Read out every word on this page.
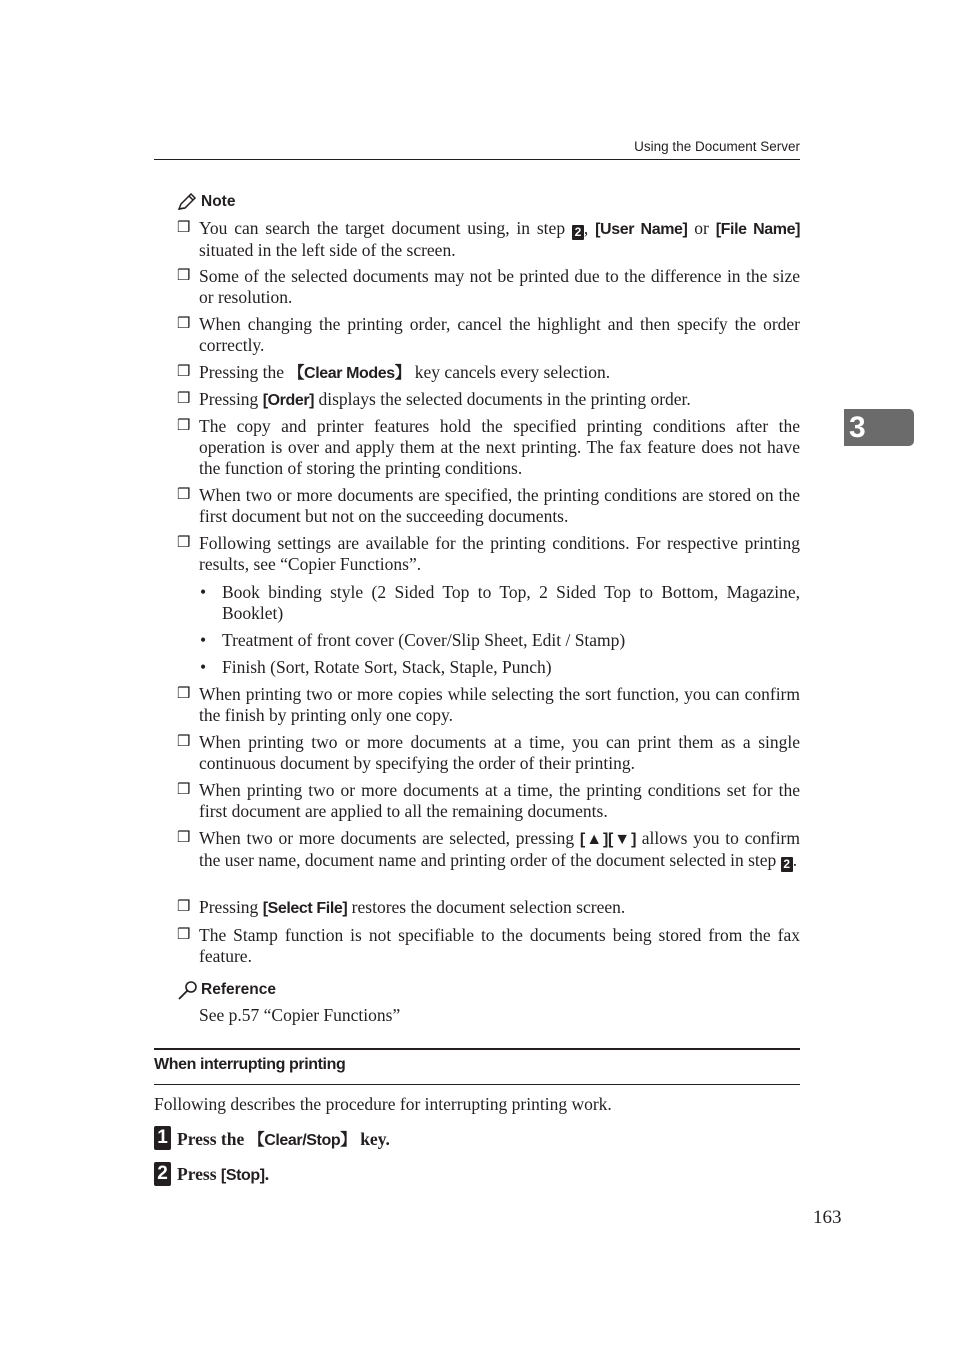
Using the Document Server
3
Note
❒ You can search the target document using, in step 2 , [User Name] or [File Name] situated in the left side of the screen.
❒ Some of the selected documents may not be printed due to the difference in the size or resolution.
❒ When changing the printing order, cancel the highlight and then specify the order correctly.
❒ Pressing the 【Clear Modes】 key cancels every selection.
❒ Pressing [Order] displays the selected documents in the printing order.
❒ The copy and printer features hold the specified printing conditions after the operation is over and apply them at the next printing. The fax feature does not have the function of storing the printing conditions.
❒ When two or more documents are specified, the printing conditions are stored on the first document but not on the succeeding documents.
❒ Following settings are available for the printing conditions. For respective printing results, see “Copier Functions”.
❒ When printing two or more copies while selecting the sort function, you can confirm the finish by printing only one copy.
❒ When printing two or more documents at a time, you can print them as a single continuous document by specifying the order of their printing.
❒ When printing two or more documents at a time, the printing conditions set for the first document are applied to all the remaining documents.
❒ When two or more documents are selected, pressing [▲][▼] allows you to confirm the user name, document name and printing order of the document selected in step 2 .
❒ Pressing [Select File] restores the document selection screen.
❒ The Stamp function is not specifiable to the documents being stored from the fax feature.
• Book binding style (2 Sided Top to Top, 2 Sided Top to Bottom, Magazine, Booklet)
• Treatment of front cover (Cover/Slip Sheet, Edit / Stamp)
• Finish (Sort, Rotate Sort, Stack, Staple, Punch)
Reference
See p.57 “Copier Functions”
When interrupting printing
Following describes the procedure for interrupting printing work.
1 Press the 【Clear/Stop】 key.
2 Press [Stop].
163
